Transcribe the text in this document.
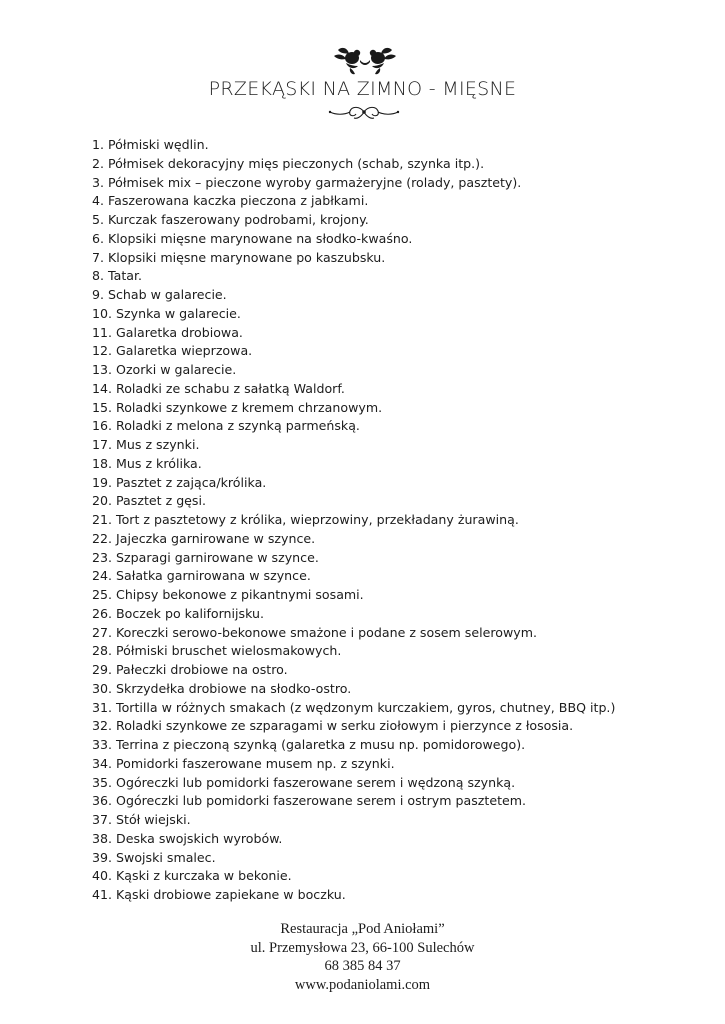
PRZEKĄSKI NA ZIMNO - MIĘSNE
1. Półmiski wędlin.
2. Półmisek dekoracyjny mięs pieczonych (schab, szynka itp.).
3. Półmisek mix – pieczone wyroby garmażeryjne (rolady, pasztety).
4. Faszerowana kaczka pieczona z jabłkami.
5. Kurczak faszerowany podrobami, krojony.
6. Klopsiki mięsne marynowane na słodko-kwaśno.
7. Klopsiki mięsne marynowane po kaszubsku.
8. Tatar.
9. Schab w galarecie.
10. Szynka w galarecie.
11. Galaretka drobiowa.
12. Galaretka wieprzowa.
13. Ozorki w galarecie.
14. Roladki ze schabu z sałatką Waldorf.
15. Roladki szynkowe z kremem chrzanowym.
16. Roladki z melona z szynką parmeńską.
17. Mus z szynki.
18. Mus z królika.
19. Pasztet z zająca/królika.
20. Pasztet z gęsi.
21. Tort z pasztetowy z królika, wieprzowiny, przekładany żurawiną.
22. Jajeczka garnirowane w szynce.
23. Szparagi garnirowane w szynce.
24. Sałatka garnirowana w szynce.
25. Chipsy bekonowe z pikantnymi sosami.
26. Boczek po kalifornijsku.
27. Koreczki serowo-bekonowe smażone i podane z sosem selerowym.
28. Półmiski bruschet wielosmakowych.
29. Pałeczki drobiowe na ostro.
30. Skrzydełka drobiowe na słodko-ostro.
31. Tortilla w różnych smakach (z wędzonym kurczakiem, gyros, chutney, BBQ itp.)
32. Roladki szynkowe ze szparagami w serku ziołowym i pierzynce z łososia.
33. Terrina z pieczoną szynką (galaretka z musu np. pomidorowego).
34. Pomidorki faszerowane musem np. z szynki.
35. Ogóreczki lub pomidorki faszerowane serem i wędzoną szynką.
36. Ogóreczki lub pomidorki faszerowane serem i ostrym pasztetem.
37. Stół wiejski.
38. Deska swojskich wyrobów.
39. Swojski smalec.
40. Kąski z kurczaka w bekonie.
41. Kąski drobiowe zapiekane w boczku.
Restauracja „Pod Aniołami”
ul. Przemysłowa 23, 66-100 Sulechów
68 385 84 37
www.podaniolami.com
